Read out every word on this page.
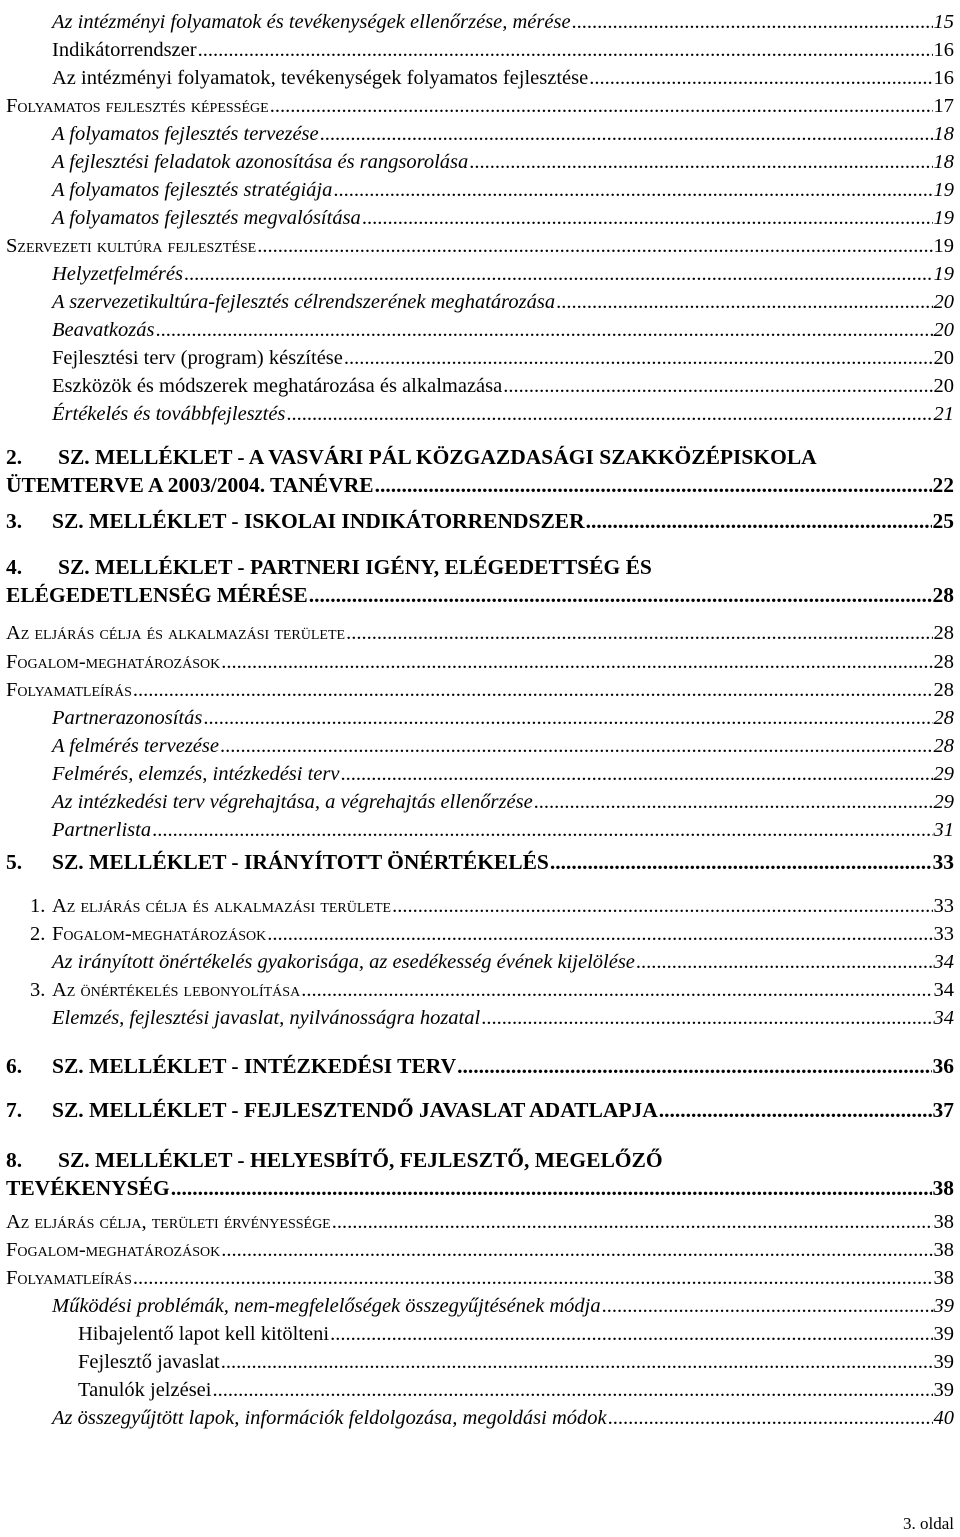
Az intézményi folyamatok és tevékenységek ellenőrzése, mérése .....	15
Indikátorrendszer .....	16
Az intézményi folyamatok, tevékenységek folyamatos fejlesztése .....	16
Folyamatos fejlesztés képessége .....	17
A folyamatos fejlesztés tervezése .....	18
A fejlesztési feladatok azonosítása és rangsorolása .....	18
A folyamatos fejlesztés stratégiája .....	19
A folyamatos fejlesztés megvalósítása .....	19
Szervezeti kultúra fejlesztése .....	19
Helyzetfelmérés .....	19
A szervezetikultúra-fejlesztés célrendszerének meghatározása .....	20
Beavatkozás .....	20
Fejlesztési terv (program) készítése .....	20
Eszközök és módszerek meghatározása és alkalmazása .....	20
Értékelés és továbbfejlesztés .....	21
2. SZ. MELLÉKLET - A VASVÁRI PÁL KÖZGAZDASÁGI SZAKKÖZÉPISKOLA
ÜTEMTERVE A 2003/2004. TANÉVRE .....	22
3.	SZ. MELLÉKLET - ISKOLAI INDIKÁTORRENDSZER .....	25
4. SZ. MELLÉKLET - PARTNERI IGÉNY, ELÉGEDETTSÉG ÉS
ELÉGEDETLENSÉG MÉRÉSE .....	28
Az eljárás célja és alkalmazási területe .....	28
Fogalom-meghatározások .....	28
Folyamatleírás .....	28
Partnerazonosítás .....	28
A felmérés tervezése .....	28
Felmérés, elemzés, intézkedési terv .....	29
Az intézkedési terv végrehajtása, a végrehajtás ellenőrzése .....	29
Partnerlista .....	31
5.	SZ. MELLÉKLET - IRÁNYÍTOTT ÖNÉRTÉKELÉS .....	33
1. Az eljárás célja és alkalmazási területe .....	33
2. Fogalom-meghatározások .....	33
Az irányított önértékelés gyakorisága, az esedékesség évének kijelölése .....	34
3. Az önértékelés lebonyolítása .....	34
Elemzés, fejlesztési javaslat, nyilvánosságra hozatal .....	34
6.	SZ. MELLÉKLET - INTÉZKEDÉSI TERV .....	36
7.	SZ. MELLÉKLET - FEJLESZTENDŐ JAVASLAT ADATLAPJA .....	37
8. SZ. MELLÉKLET - HELYESBÍTŐ, FEJLESZTŐ, MEGELŐZŐ
TEVÉKENYSÉG .....	38
Az eljárás célja, területi érvényessége .....	38
Fogalom-meghatározások .....	38
Folyamatleírás .....	38
Működési problémák, nem-megfelelőségek összegyűjtésének módja .....	39
Hibajelentő lapot kell kitölteni .....	39
Fejlesztő javaslat .....	39
Tanulók jelzései .....	39
Az összegyűjtött lapok, információk feldolgozása, megoldási módok .....	40
3. oldal
